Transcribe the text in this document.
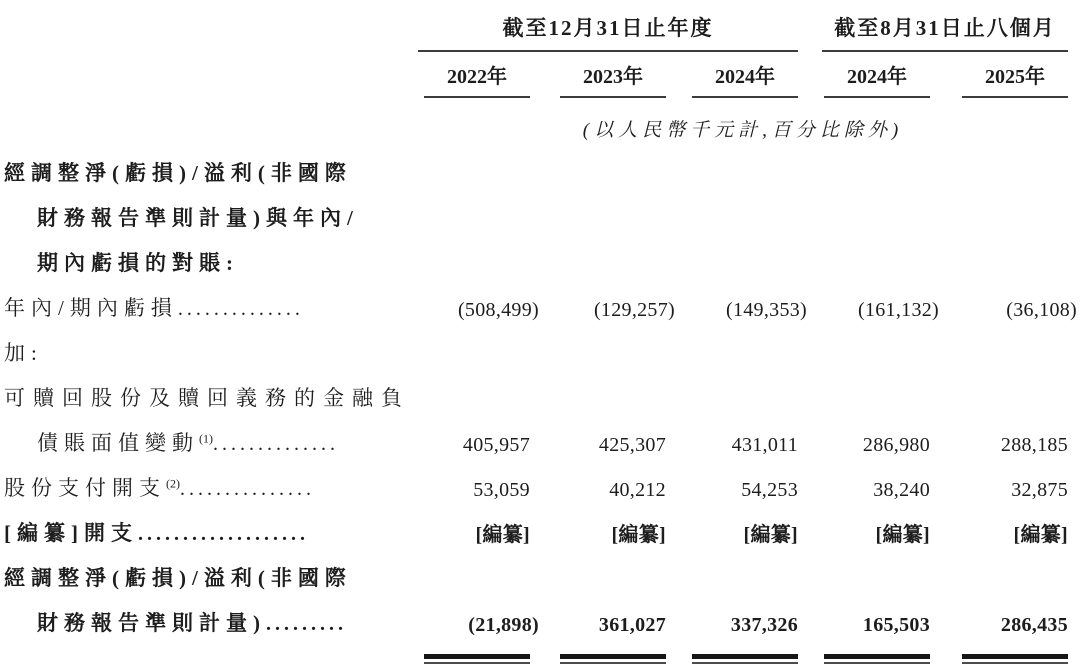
	截至12月31日止年度			截至8月31日止八個月	
	2022年	2023年	2024年	2024年	2025年
	(以人民幣千元計,百分比除外)				
經調整淨(虧損)/溢利(非國際					
財務報告準則計量)與年內/					
期內虧損的對賬:					
年內/期內虧損..............	(508,499)	(129,257)	(149,353)	(161,132)	(36,108)
加:					
可贖回股份及贖回義務的金融負					
債賬面值變動$^{(1)}$..............	405,957	425,307	431,011	286,980	288,185
股份支付開支$^{(2)}$...............	53,059	40,212	54,253	38,240	32,875
[編纂]開支...................	[編纂]	[編纂]	[編纂]	[編纂]	[編纂]
經調整淨(虧損)/溢利(非國際					
財務報告準則計量).........	(21,898)	361,027	337,326	165,503	286,435
